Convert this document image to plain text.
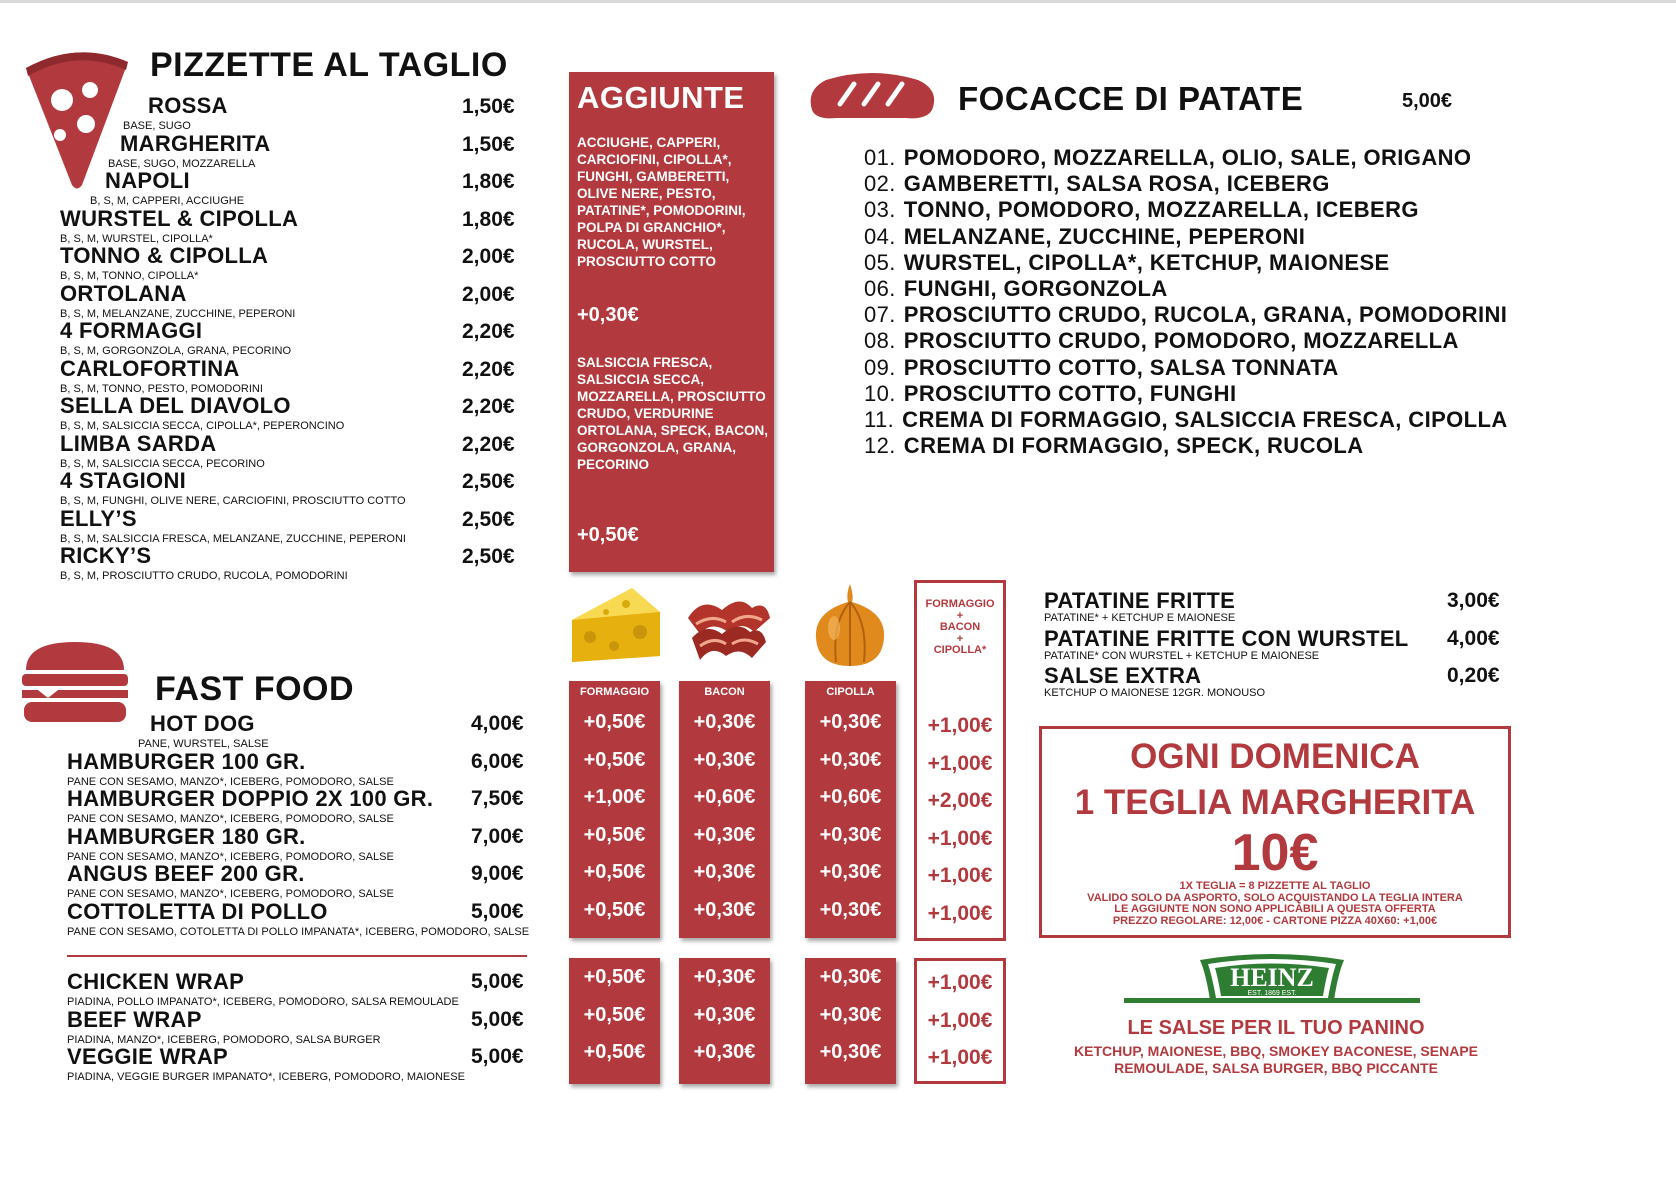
PIZZETTE AL TAGLIO
ROSSA
BASE, SUGO
1,50€
MARGHERITA
BASE, SUGO, MOZZARELLA
1,50€
NAPOLI
B, S, M, CAPPERI, ACCIUGHE
1,80€
WURSTEL & CIPOLLA
B, S, M, WURSTEL, CIPOLLA*
1,80€
TONNO & CIPOLLA
B, S, M, TONNO, CIPOLLA*
2,00€
ORTOLANA
B, S, M, MELANZANE, ZUCCHINE, PEPERONI
2,00€
4 FORMAGGI
B, S, M, GORGONZOLA, GRANA, PECORINO
2,20€
CARLOFORTINA
B, S, M, TONNO, PESTO, POMODORINI
2,20€
SELLA DEL DIAVOLO
B, S, M, SALSICCIA SECCA, CIPOLLA*, PEPERONCINO
2,20€
LIMBA SARDA
B, S, M, SALSICCIA SECCA, PECORINO
2,20€
4 STAGIONI
B, S, M, FUNGHI, OLIVE NERE, CARCIOFINI, PROSCIUTTO COTTO
2,50€
ELLY’S
B, S, M, SALSICCIA FRESCA, MELANZANE, ZUCCHINE, PEPERONI
2,50€
RICKY’S
B, S, M, PROSCIUTTO CRUDO, RUCOLA, POMODORINI
2,50€
AGGIUNTE
ACCIUGHE, CAPPERI, CARCIOFINI, CIPOLLA*, FUNGHI, GAMBERETTI, OLIVE NERE, PESTO, PATATINE*, POMODORINI, POLPA DI GRANCHIO*, RUCOLA, WURSTEL, PROSCIUTTO COTTO
+0,30€
SALSICCIA FRESCA, SALSICCIA SECCA, MOZZARELLA, PROSCIUTTO CRUDO, VERDURINE ORTOLANA, SPECK, BACON, GORGONZOLA, GRANA, PECORINO
+0,50€
FOCACCE DI PATATE	5,00€
01. POMODORO, MOZZARELLA, OLIO, SALE, ORIGANO
02. GAMBERETTI, SALSA ROSA, ICEBERG
03. TONNO, POMODORO, MOZZARELLA, ICEBERG
04. MELANZANE, ZUCCHINE, PEPERONI
05. WURSTEL, CIPOLLA*, KETCHUP, MAIONESE
06. FUNGHI, GORGONZOLA
07. PROSCIUTTO CRUDO, RUCOLA, GRANA, POMODORINI
08. PROSCIUTTO CRUDO, POMODORO, MOZZARELLA
09. PROSCIUTTO COTTO, SALSA TONNATA
10. PROSCIUTTO COTTO, FUNGHI
11. CREMA DI FORMAGGIO, SALSICCIA FRESCA, CIPOLLA
12. CREMA DI FORMAGGIO, SPECK, RUCOLA
FAST FOOD
HOT DOG
PANE, WURSTEL, SALSE
4,00€
HAMBURGER 100 GR.
PANE CON SESAMO, MANZO*, ICEBERG, POMODORO, SALSE
6,00€
HAMBURGER DOPPIO 2X 100 GR.
PANE CON SESAMO, MANZO*, ICEBERG, POMODORO, SALSE
7,50€
HAMBURGER 180 GR.
PANE CON SESAMO, MANZO*, ICEBERG, POMODORO, SALSE
7,00€
ANGUS BEEF 200 GR.
PANE CON SESAMO, MANZO*, ICEBERG, POMODORO, SALSE
9,00€
COTTOLETTA DI POLLO
PANE CON SESAMO, COTOLETTA DI POLLO IMPANATA*, ICEBERG, POMODORO, SALSE
5,00€
CHICKEN WRAP
PIADINA, POLLO IMPANATO*, ICEBERG, POMODORO, SALSA REMOULADE
5,00€
BEEF WRAP
PIADINA, MANZO*, ICEBERG, POMODORO, SALSA BURGER
5,00€
VEGGIE WRAP
PIADINA, VEGGIE BURGER IMPANATO*, ICEBERG, POMODORO, MAIONESE
5,00€
FORMAGGIO
+0,50€
+0,50€
+1,00€
+0,50€
+0,50€
+0,50€
BACON
+0,30€
+0,30€
+0,60€
+0,30€
+0,30€
+0,30€
CIPOLLA
+0,30€
+0,30€
+0,60€
+0,30€
+0,30€
+0,30€
FORMAGGIO
+
BACON
+
CIPOLLA*
+1,00€
+1,00€
+2,00€
+1,00€
+1,00€
+1,00€
+0,50€
+0,50€
+0,50€
+0,30€
+0,30€
+0,30€
+0,30€
+0,30€
+0,30€
+1,00€
+1,00€
+1,00€
PATATINE FRITTE
PATATINE* + KETCHUP E MAIONESE
3,00€
PATATINE FRITTE CON WURSTEL
PATATINE* CON WURSTEL + KETCHUP E MAIONESE
4,00€
SALSE EXTRA
KETCHUP O MAIONESE 12GR. MONOUSO
0,20€
OGNI DOMENICA
1 TEGLIA MARGHERITA
10€
1X TEGLIA = 8 PIZZETTE AL TAGLIO
VALIDO SOLO DA ASPORTO, SOLO ACQUISTANDO LA TEGLIA INTERA
LE AGGIUNTE NON SONO APPLICABILI A QUESTA OFFERTA
PREZZO REGOLARE: 12,00€ - CARTONE PIZZA 40X60: +1,00€
HEINZ
EST. 1869 EST.
LE SALSE PER IL TUO PANINO
KETCHUP, MAIONESE, BBQ, SMOKEY BACONESE, SENAPE
REMOULADE, SALSA BURGER, BBQ PICCANTE
